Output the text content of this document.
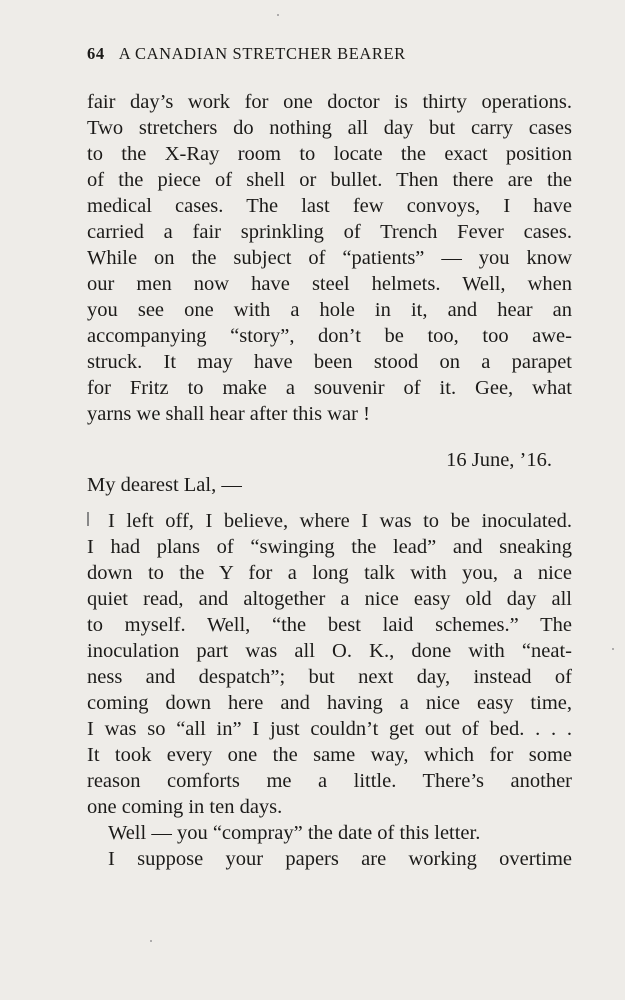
64 A CANADIAN STRETCHER BEARER
fair day’s work for one doctor is thirty operations.
Two stretchers do nothing all day but carry cases
to the X-Ray room to locate the exact position
of the piece of shell or bullet. Then there are the
medical cases. The last few convoys, I have
carried a fair sprinkling of Trench Fever cases.
While on the subject of “patients” — you know
our men now have steel helmets. Well, when
you see one with a hole in it, and hear an
accompanying “story”, don’t be too, too awe-
struck. It may have been stood on a parapet
for Fritz to make a souvenir of it. Gee, what
yarns we shall hear after this war !
16 June, ’16.
My dearest Lal, —
I left off, I believe, where I was to be inoculated.
I had plans of “swinging the lead” and sneaking
down to the Y for a long talk with you, a nice
quiet read, and altogether a nice easy old day all
to myself. Well, “the best laid schemes.” The
inoculation part was all O. K., done with “neat-
ness and despatch”; but next day, instead of
coming down here and having a nice easy time,
I was so “all in” I just couldn’t get out of bed. . . .
It took every one the same way, which for some
reason comforts me a little. There’s another
one coming in ten days.
Well — you “compray” the date of this letter.
I suppose your papers are working overtime
